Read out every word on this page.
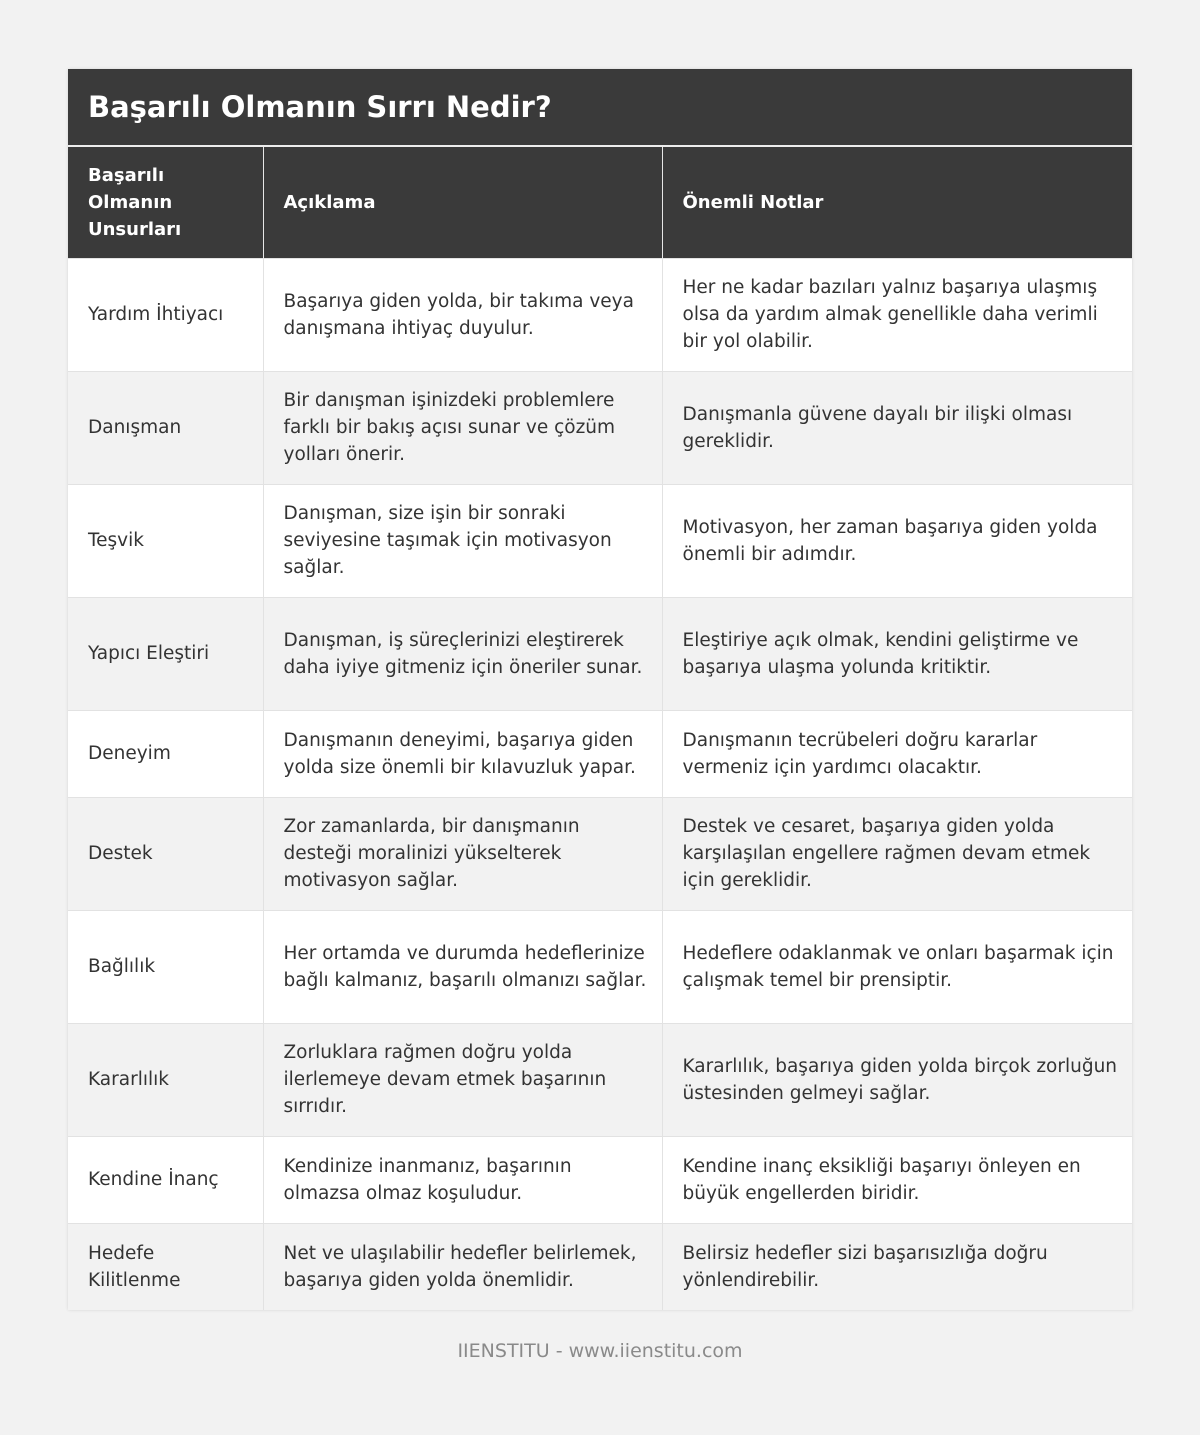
Başarılı Olmanın Sırrı Nedir?
Başarılı Olmanın Unsurları	Açıklama	Önemli Notlar
Yardım İhtiyacı	Başarıya giden yolda, bir takıma veya danışmana ihtiyaç duyulur.	Her ne kadar bazıları yalnız başarıya ulaşmış olsa da yardım almak genellikle daha verimli bir yol olabilir.
Danışman	Bir danışman işinizdeki problemlere farklı bir bakış açısı sunar ve çözüm yolları önerir.	Danışmanla güvene dayalı bir ilişki olması gereklidir.
Teşvik	Danışman, size işin bir sonraki seviyesine taşımak için motivasyon sağlar.	Motivasyon, her zaman başarıya giden yolda önemli bir adımdır.
Yapıcı Eleştiri	Danışman, iş süreçlerinizi eleştirerek daha iyiye gitmeniz için öneriler sunar.	Eleştiriye açık olmak, kendini geliştirme ve başarıya ulaşma yolunda kritiktir.
Deneyim	Danışmanın deneyimi, başarıya giden yolda size önemli bir kılavuzluk yapar.	Danışmanın tecrübeleri doğru kararlar vermeniz için yardımcı olacaktır.
Destek	Zor zamanlarda, bir danışmanın desteği moralinizi yükselterek motivasyon sağlar.	Destek ve cesaret, başarıya giden yolda karşılaşılan engellere rağmen devam etmek için gereklidir.
Bağlılık	Her ortamda ve durumda hedeflerinize bağlı kalmanız, başarılı olmanızı sağlar.	Hedeflere odaklanmak ve onları başarmak için çalışmak temel bir prensiptir.
Kararlılık	Zorluklara rağmen doğru yolda ilerlemeye devam etmek başarının sırrıdır.	Kararlılık, başarıya giden yolda birçok zorluğun üstesinden gelmeyi sağlar.
Kendine İnanç	Kendinize inanmanız, başarının olmazsa olmaz koşuludur.	Kendine inanç eksikliği başarıyı önleyen en büyük engellerden biridir.
Hedefe Kilitlenme	Net ve ulaşılabilir hedefler belirlemek, başarıya giden yolda önemlidir.	Belirsiz hedefler sizi başarısızlığa doğru yönlendirebilir.
IIENSTITU - www.iienstitu.com
